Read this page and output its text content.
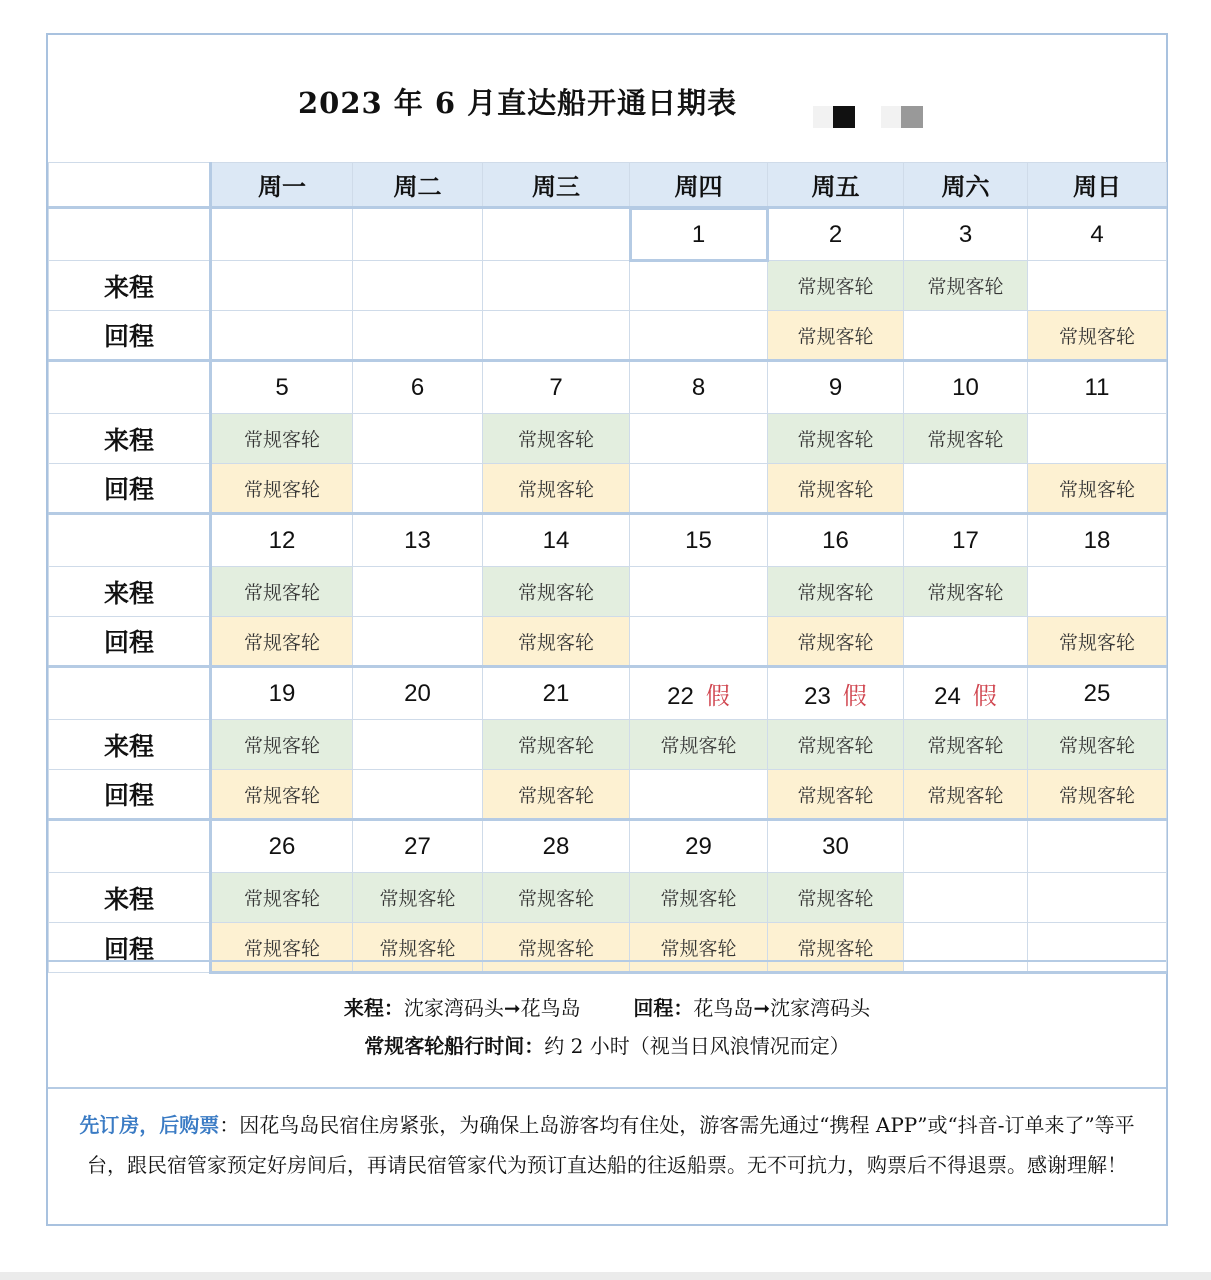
2023 年 6 月直达船开通日期表
	周一	周二	周三	周四	周五	周六	周日
				1	2	3	4
来程					常规客轮	常规客轮	
回程					常规客轮		常规客轮
	5	6	7	8	9	10	11
来程	常规客轮		常规客轮		常规客轮	常规客轮	
回程	常规客轮		常规客轮		常规客轮		常规客轮
	12	13	14	15	16	17	18
来程	常规客轮		常规客轮		常规客轮	常规客轮	
回程	常规客轮		常规客轮		常规客轮		常规客轮
	19	20	21	22 假	23 假	24 假	25
来程	常规客轮		常规客轮	常规客轮	常规客轮	常规客轮	常规客轮
回程	常规客轮		常规客轮		常规客轮	常规客轮	常规客轮
	26	27	28	29	30		
来程	常规客轮	常规客轮	常规客轮	常规客轮	常规客轮		
回程	常规客轮	常规客轮	常规客轮	常规客轮	常规客轮		
来程：沈家湾码头➞花鸟岛	回程：花鸟岛➞沈家湾码头
常规客轮船行时间：约 2 小时（视当日风浪情况而定）
先订房，后购票：因花鸟岛民宿住房紧张，为确保上岛游客均有住处，游客需先通过“携程 APP”或“抖音-订单来了”等平台，跟民宿管家预定好房间后，再请民宿管家代为预订直达船的往返船票。无不可抗力，购票后不得退票。感谢理解！
